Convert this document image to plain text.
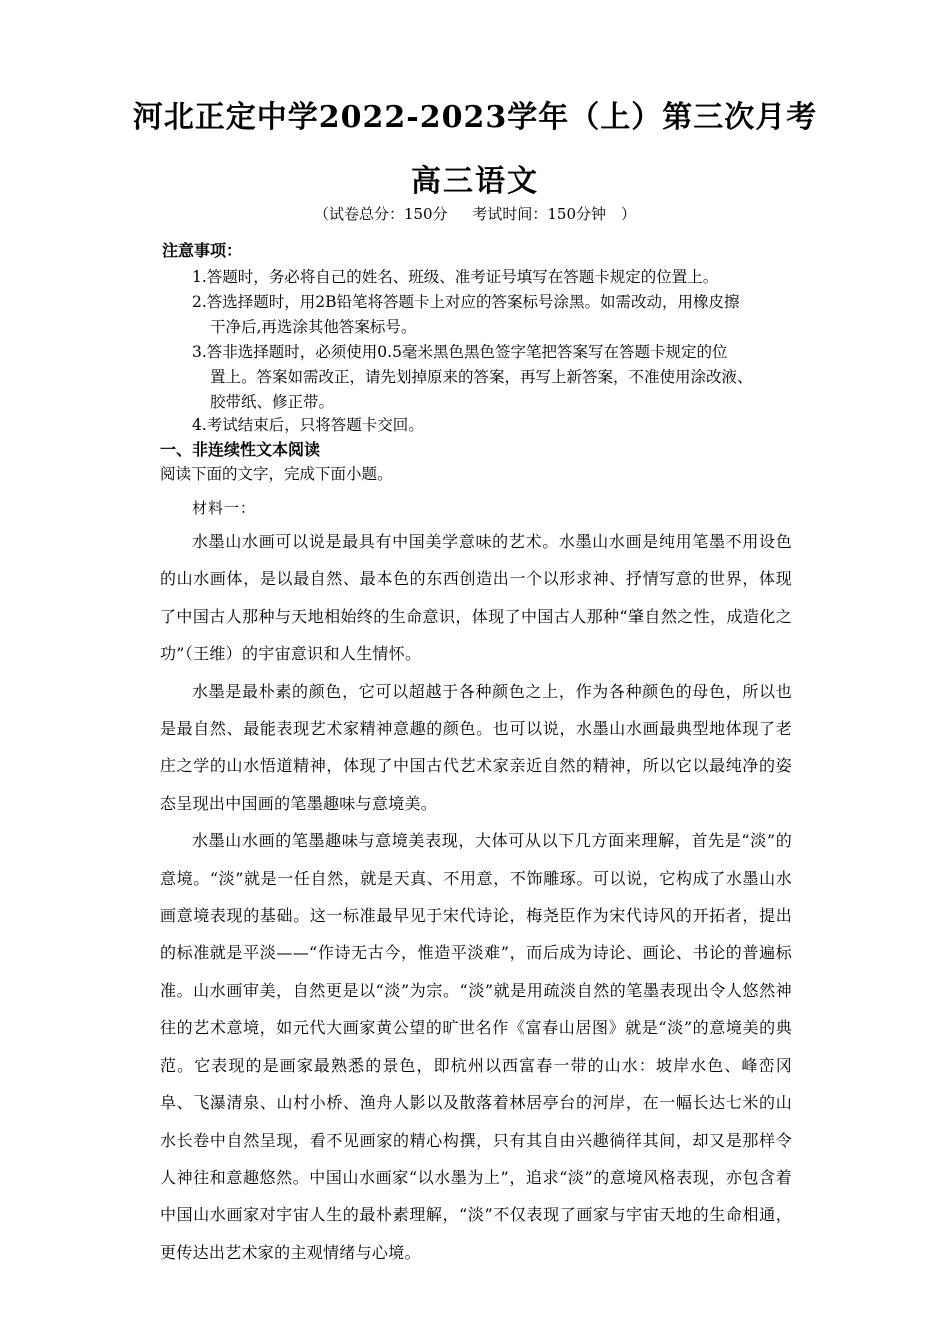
河北正定中学2022-2023学年（上）第三次月考
高三语文
（试卷总分：150分 考试时间：150分钟　）
注意事项：
1.答题时，务必将自己的姓名、班级、准考证号填写在答题卡规定的位置上。
2.答选择题时，用2B铅笔将答题卡上对应的答案标号涂黑。如需改动，用橡皮擦
干净后,再选涂其他答案标号。
3.答非选择题时，必须使用0.5毫米黑色黑色签字笔把答案写在答题卡规定的位
置上。答案如需改正，请先划掉原来的答案，再写上新答案，不准使用涂改液、
胶带纸、修正带。
4.考试结束后，只将答题卡交回。
一、非连续性文本阅读
阅读下面的文字，完成下面小题。
材料一：

水墨山水画可以说是最具有中国美学意味的艺术。水墨山水画是纯用笔墨不用设色的山水画体，是以最自然、最本色的东西创造出一个以形求神、抒情写意的世界，体现了中国古人那种与天地相始终的生命意识，体现了中国古人那种“肇自然之性，成造化之功”（王维）的宇宙意识和人生情怀。

水墨是最朴素的颜色，它可以超越于各种颜色之上，作为各种颜色的母色，所以也是最自然、最能表现艺术家精神意趣的颜色。也可以说，水墨山水画最典型地体现了老庄之学的山水悟道精神，体现了中国古代艺术家亲近自然的精神，所以它以最纯净的姿态呈现出中国画的笔墨趣味与意境美。

水墨山水画的笔墨趣味与意境美表现，大体可从以下几方面来理解，首先是“淡”的意境。“淡”就是一任自然，就是天真、不用意，不饰雕琢。可以说，它构成了水墨山水画意境表现的基础。这一标准最早见于宋代诗论，梅尧臣作为宋代诗风的开拓者，提出的标准就是平淡——“作诗无古今，惟造平淡难”，而后成为诗论、画论、书论的普遍标准。山水画审美，自然更是以“淡”为宗。“淡”就是用疏淡自然的笔墨表现出令人悠然神往的艺术意境，如元代大画家黄公望的旷世名作《富春山居图》就是“淡”的意境美的典范。它表现的是画家最熟悉的景色，即杭州以西富春一带的山水：坡岸水色、峰峦冈阜、飞瀑清泉、山村小桥、渔舟人影以及散落着林居亭台的河岸，在一幅长达七米的山水长卷中自然呈现，看不见画家的精心构撰，只有其自由兴趣徜徉其间，却又是那样令人神往和意趣悠然。中国山水画家“以水墨为上”，追求“淡”的意境风格表现，亦包含着中国山水画家对宇宙人生的最朴素理解，“淡”不仅表现了画家与宇宙天地的生命相通，更传达出艺术家的主观情绪与心境。
